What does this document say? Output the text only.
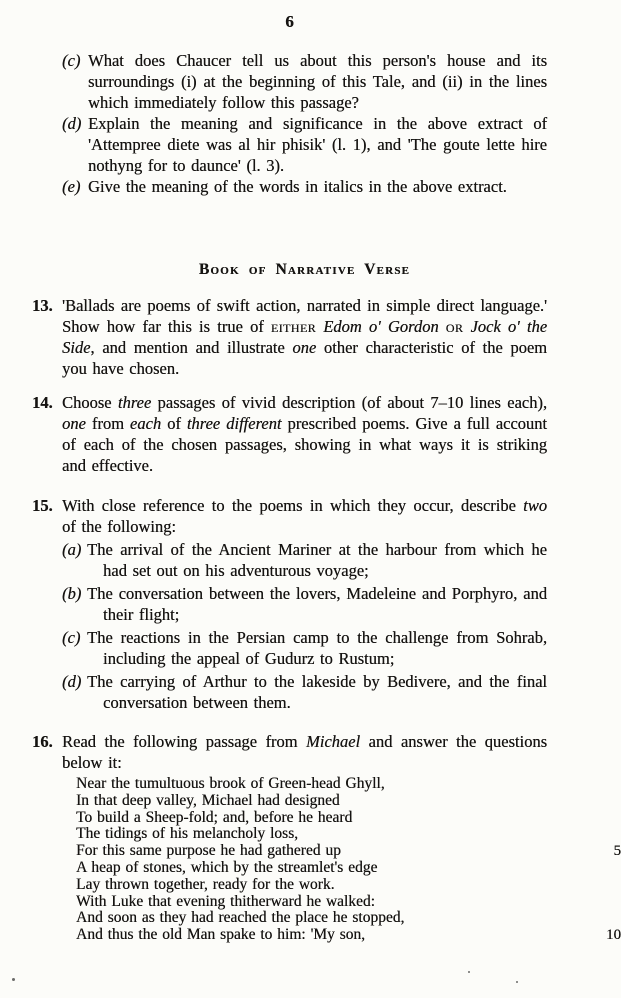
6
(c) What does Chaucer tell us about this person's house and its surroundings (i) at the beginning of this Tale, and (ii) in the lines which immediately follow this passage?
(d) Explain the meaning and significance in the above extract of 'Attempree diete was al hir phisik' (l. 1), and 'The goute lette hire nothyng for to daunce' (l. 3).
(e) Give the meaning of the words in italics in the above extract.
Book of Narrative Verse
13. 'Ballads are poems of swift action, narrated in simple direct language.' Show how far this is true of either Edom o' Gordon or Jock o' the Side, and mention and illustrate one other characteristic of the poem you have chosen.
14. Choose three passages of vivid description (of about 7–10 lines each), one from each of three different prescribed poems. Give a full account of each of the chosen passages, showing in what ways it is striking and effective.
15. With close reference to the poems in which they occur, describe two of the following:
(a) The arrival of the Ancient Mariner at the harbour from which he had set out on his adventurous voyage;
(b) The conversation between the lovers, Madeleine and Porphyro, and their flight;
(c) The reactions in the Persian camp to the challenge from Sohrab, including the appeal of Gudurz to Rustum;
(d) The carrying of Arthur to the lakeside by Bedivere, and the final conversation between them.
16. Read the following passage from Michael and answer the questions below it:
Near the tumultuous brook of Green-head Ghyll,
In that deep valley, Michael had designed
To build a Sheep-fold; and, before he heard
The tidings of his melancholy loss,
For this same purpose he had gathered up	5
A heap of stones, which by the streamlet's edge
Lay thrown together, ready for the work.
With Luke that evening thitherward he walked:
And soon as they had reached the place he stopped,
And thus the old Man spake to him: 'My son,	10
